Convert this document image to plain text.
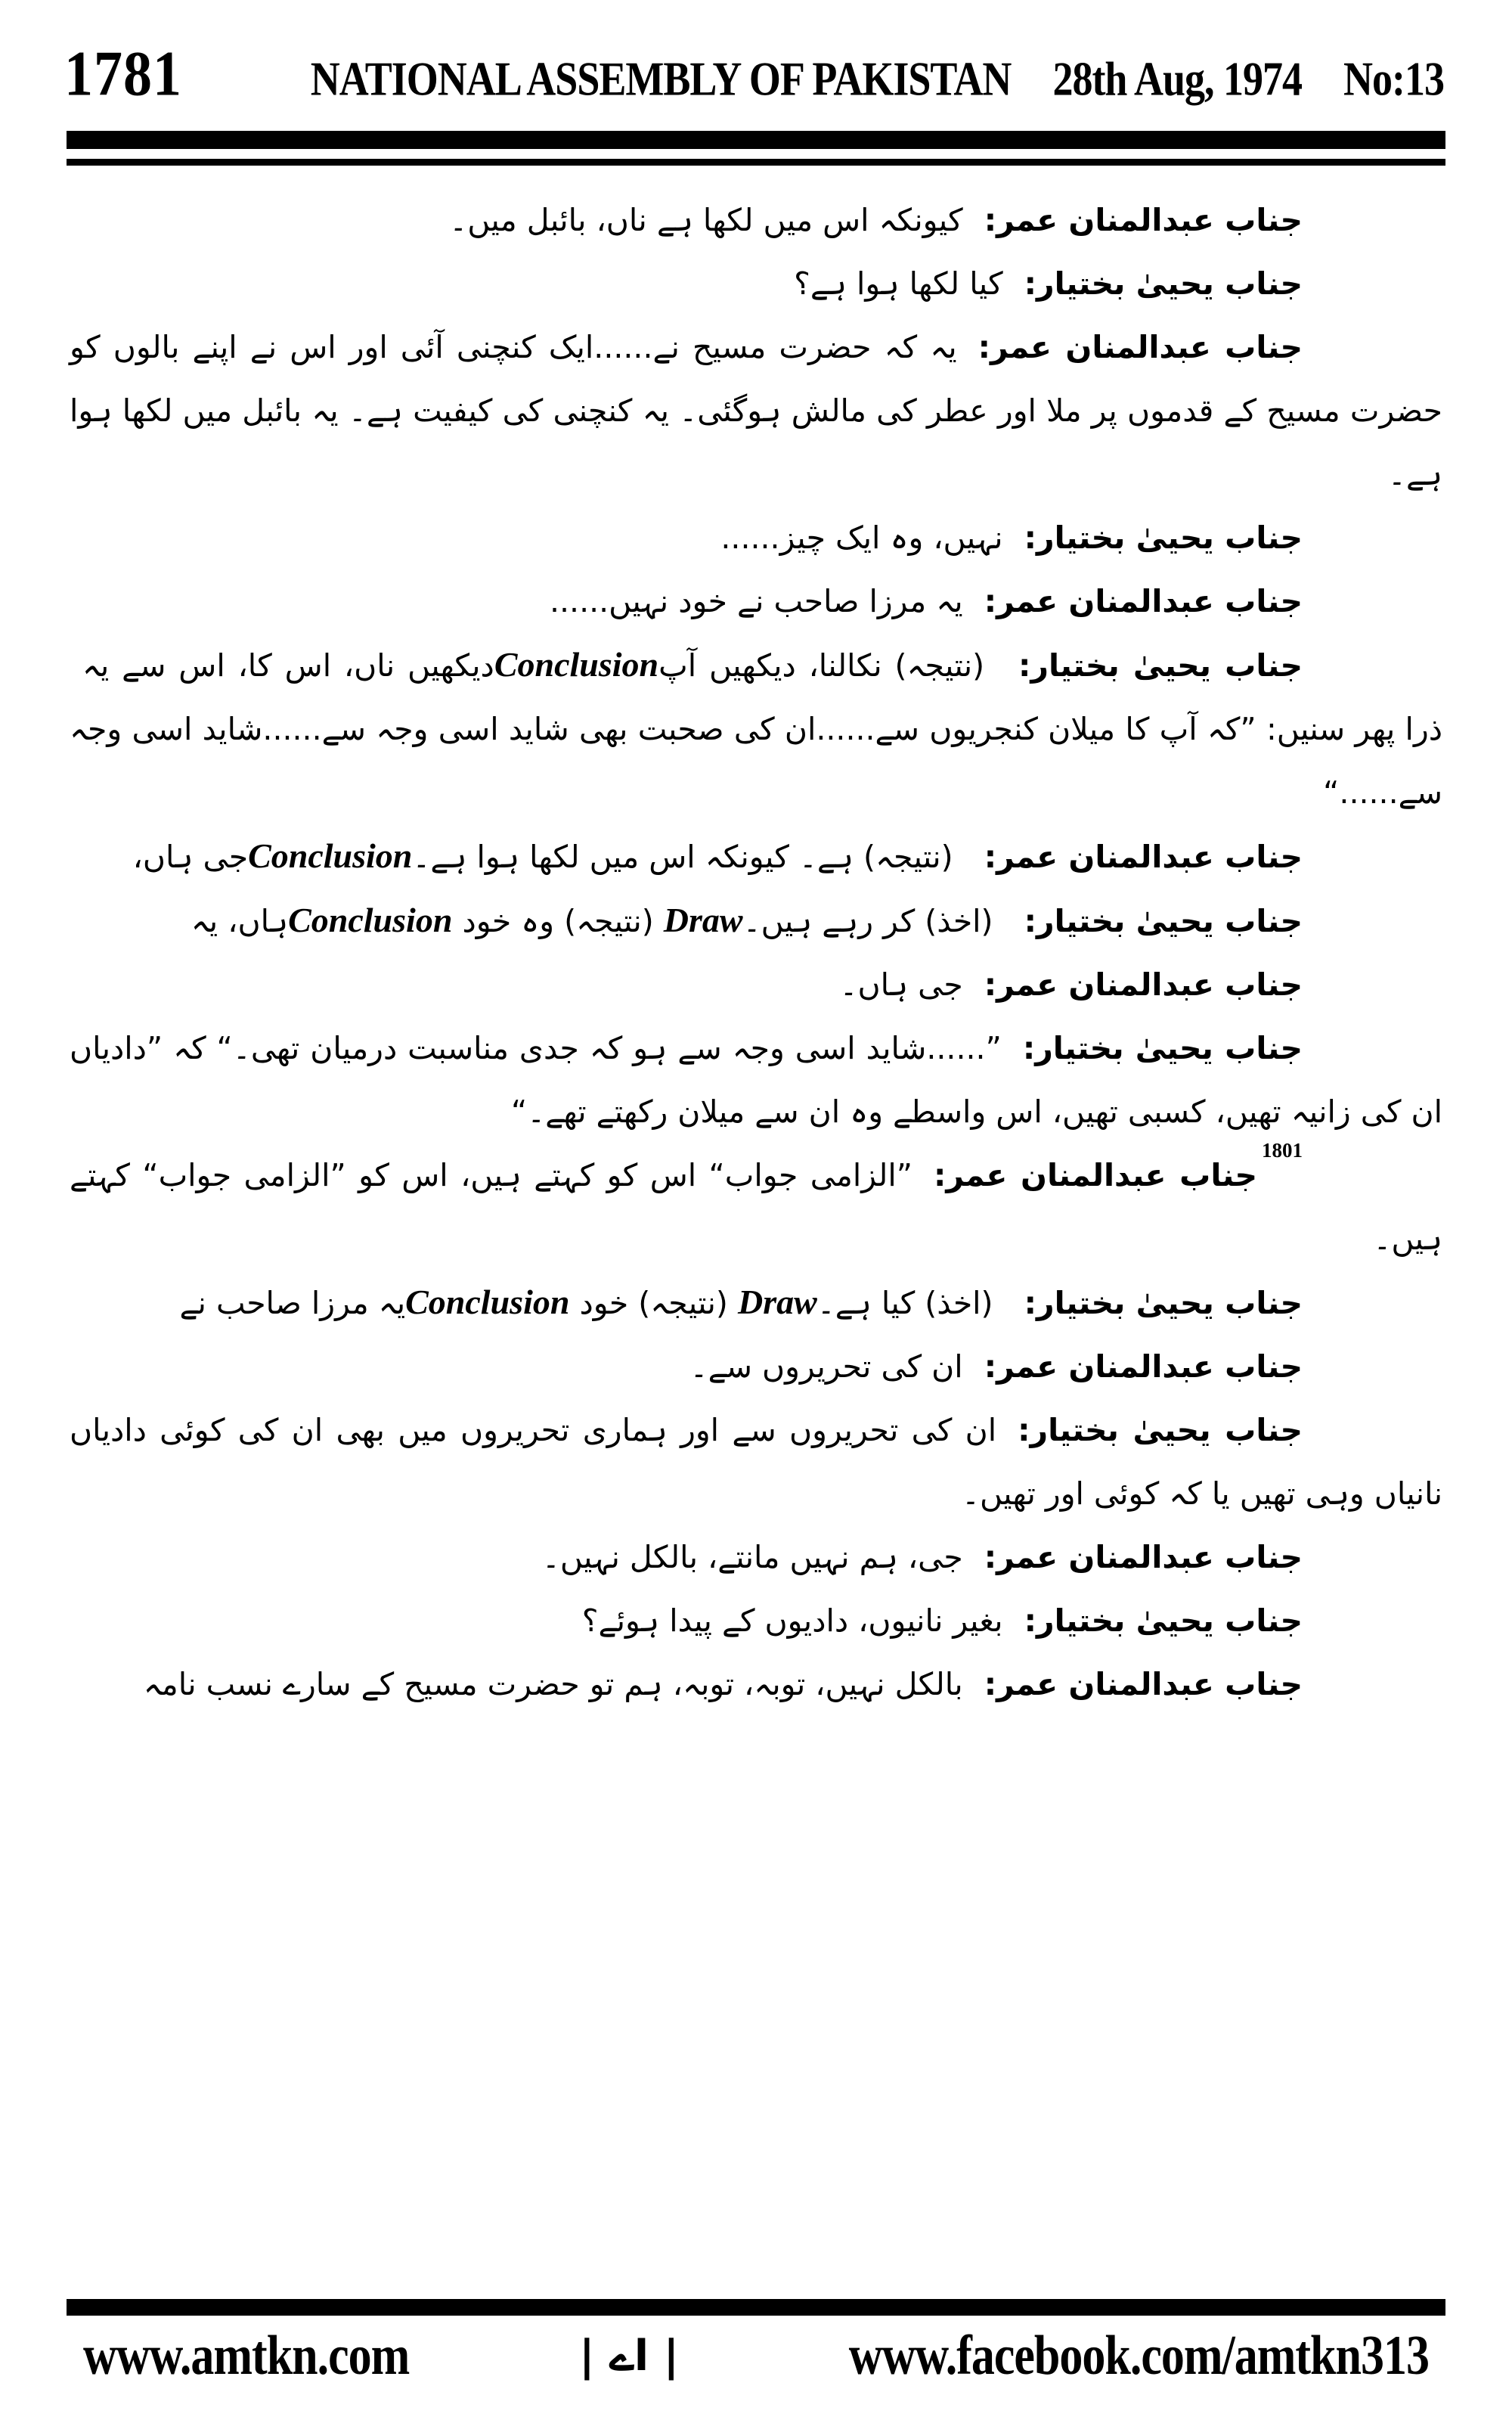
1781	NATIONAL ASSEMBLY OF PAKISTAN 28th Aug, 1974 No:13

جناب عبدالمنان عمر:کیونکہ اس میں لکھا ہے ناں، بائبل میں۔

جناب یحییٰ بختیار:کیا لکھا ہوا ہے؟

جناب عبدالمنان عمر:یہ کہ حضرت مسیح نے......ایک کنچنی آئی اور اس نے اپنے بالوں کو حضرت مسیح کے قدموں پر ملا اور عطر کی مالش ہوگئی۔ یہ کنچنی کی کیفیت ہے۔ یہ بائبل میں لکھا ہوا ہے۔

جناب یحییٰ بختیار:نہیں، وہ ایک چیز......

جناب عبدالمنان عمر:یہ مرزا صاحب نے خود نہیں......

جناب یحییٰ بختیار:دیکھیں ناں، اس کا، اس سے یہ Conclusion (نتیجہ) نکالنا، دیکھیں آپ ذرا پھر سنیں: ”کہ آپ کا میلان کنجریوں سے......ان کی صحبت بھی شاید اسی وجہ سے......شاید اسی وجہ سے......“

جناب عبدالمنان عمر:جی ہاں، Conclusion (نتیجہ) ہے۔ کیونکہ اس میں لکھا ہوا ہے۔

جناب یحییٰ بختیار:ہاں، یہ Conclusion (نتیجہ) وہ خود Draw (اخذ) کر رہے ہیں۔

جناب عبدالمنان عمر:جی ہاں۔

جناب یحییٰ بختیار:”......شاید اسی وجہ سے ہو کہ جدی مناسبت درمیان تھی۔“ کہ ”دادیاں ان کی زانیہ تھیں، کسبی تھیں، اس واسطے وہ ان سے میلان رکھتے تھے۔“

$^{1801}$جناب عبدالمنان عمر:”الزامی جواب“ اس کو کہتے ہیں، اس کو ”الزامی جواب“ کہتے ہیں۔

جناب یحییٰ بختیار:یہ مرزا صاحب نے Conclusion (نتیجہ) خود Draw (اخذ) کیا ہے۔

جناب عبدالمنان عمر:ان کی تحریروں سے۔

جناب یحییٰ بختیار:ان کی تحریروں سے اور ہماری تحریروں میں بھی ان کی کوئی دادیاں نانیاں وہی تھیں یا کہ کوئی اور تھیں۔

جناب عبدالمنان عمر:جی، ہم نہیں مانتے، بالکل نہیں۔

جناب یحییٰ بختیار:بغیر نانیوں، دادیوں کے پیدا ہوئے؟

جناب عبدالمنان عمر:بالکل نہیں، توبہ، توبہ، ہم تو حضرت مسیح کے سارے نسب نامہ

www.amtkn.com	| اے |	www.facebook.com/amtkn313
